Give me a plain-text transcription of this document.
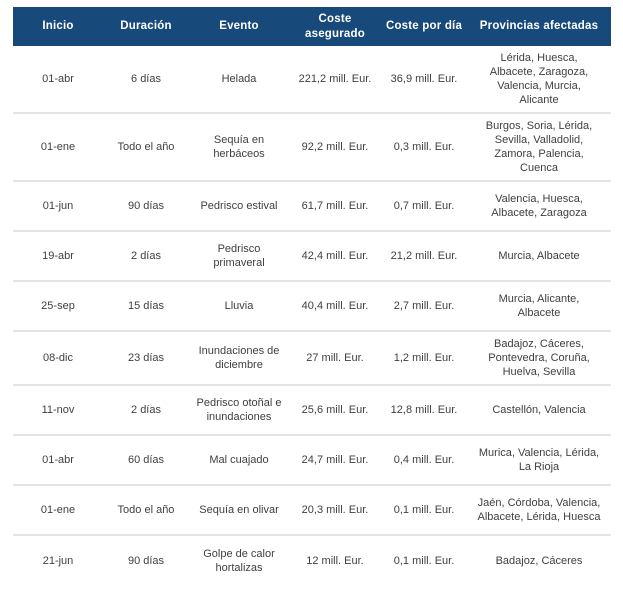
Inicio	Duración	Evento	Coste asegurado	Coste por día	Provincias afectadas
01-abr	6 días	Helada	221,2 mill. Eur.	36,9 mill. Eur.	Lérida, Huesca, Albacete, Zaragoza, Valencia, Murcia, Alicante
01-ene	Todo el año	Sequía en herbáceos	92,2 mill. Eur.	0,3 mill. Eur.	Burgos, Soria, Lérida, Sevilla, Valladolid, Zamora, Palencia, Cuenca
01-jun	90 días	Pedrisco estival	61,7 mill. Eur.	0,7 mill. Eur.	Valencia, Huesca, Albacete, Zaragoza
19-abr	2 días	Pedrisco primaveral	42,4 mill. Eur.	21,2 mill. Eur.	Murcia, Albacete
25-sep	15 días	Lluvia	40,4 mill. Eur.	2,7 mill. Eur.	Murcia, Alicante, Albacete
08-dic	23 días	Inundaciones de diciembre	27 mill. Eur.	1,2 mill. Eur.	Badajoz, Cáceres, Pontevedra, Coruña, Huelva, Sevilla
11-nov	2 días	Pedrisco otoñal e inundaciones	25,6 mill. Eur.	12,8 mill. Eur.	Castellón, Valencia
01-abr	60 días	Mal cuajado	24,7 mill. Eur.	0,4 mill. Eur.	Murica, Valencia, Lérida, La Rioja
01-ene	Todo el año	Sequía en olivar	20,3 mill. Eur.	0,1 mill. Eur.	Jaén, Córdoba, Valencia, Albacete, Lérida, Huesca
21-jun	90 días	Golpe de calor hortalizas	12 mill. Eur.	0,1 mill. Eur.	Badajoz, Cáceres
